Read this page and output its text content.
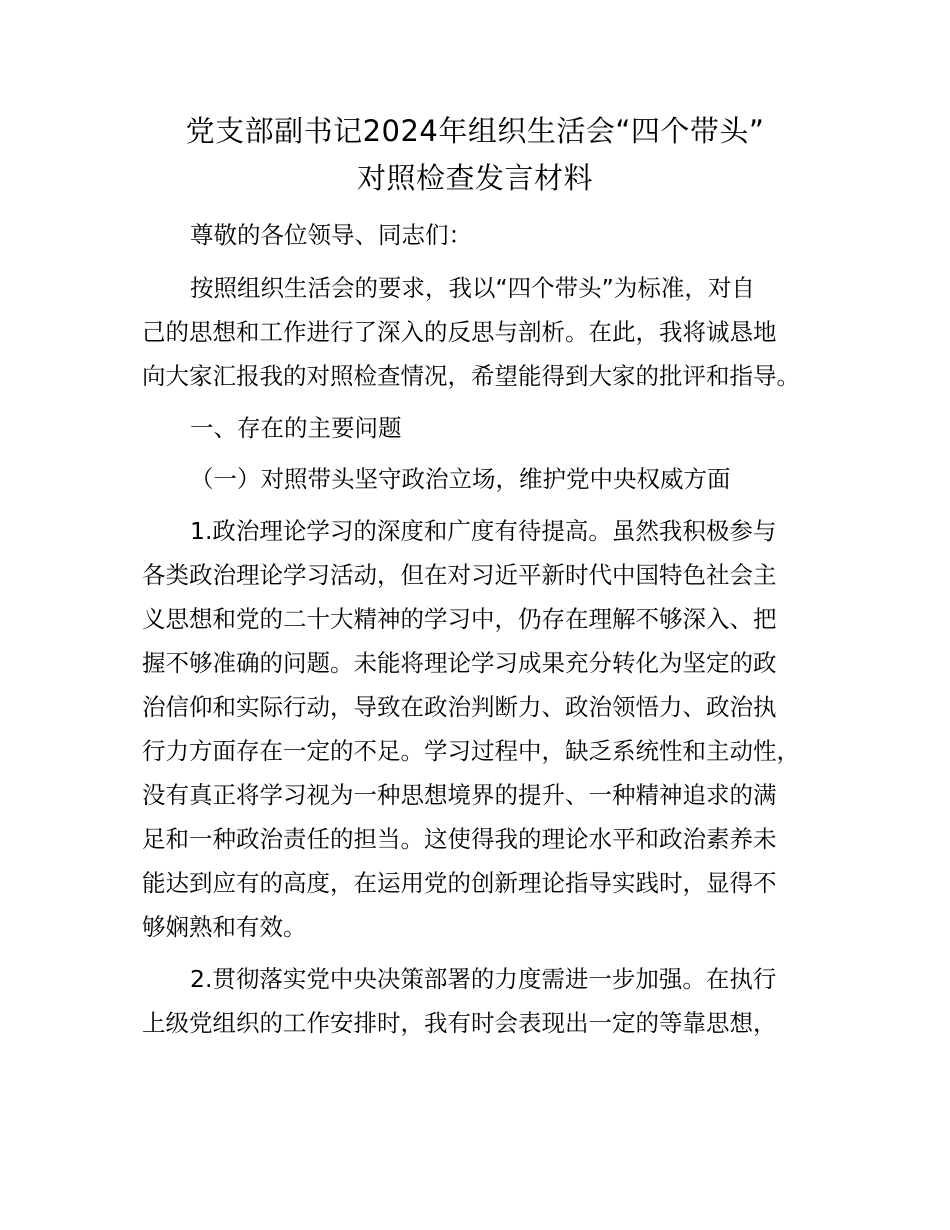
党支部副书记2024年组织生活会“四个带头”
对照检查发言材料
尊敬的各位领导、同志们：
按照组织生活会的要求，我以“四个带头”为标准，对自
己的思想和工作进行了深入的反思与剖析。在此，我将诚恳地
向大家汇报我的对照检查情况，希望能得到大家的批评和指导。
一、存在的主要问题
（一）对照带头坚守政治立场，维护党中央权威方面
1.政治理论学习的深度和广度有待提高。虽然我积极参与
各类政治理论学习活动，但在对习近平新时代中国特色社会主
义思想和党的二十大精神的学习中，仍存在理解不够深入、把
握不够准确的问题。未能将理论学习成果充分转化为坚定的政
治信仰和实际行动，导致在政治判断力、政治领悟力、政治执
行力方面存在一定的不足。学习过程中，缺乏系统性和主动性，
没有真正将学习视为一种思想境界的提升、一种精神追求的满
足和一种政治责任的担当。这使得我的理论水平和政治素养未
能达到应有的高度，在运用党的创新理论指导实践时，显得不
够娴熟和有效。
2.贯彻落实党中央决策部署的力度需进一步加强。在执行
上级党组织的工作安排时，我有时会表现出一定的等靠思想，
